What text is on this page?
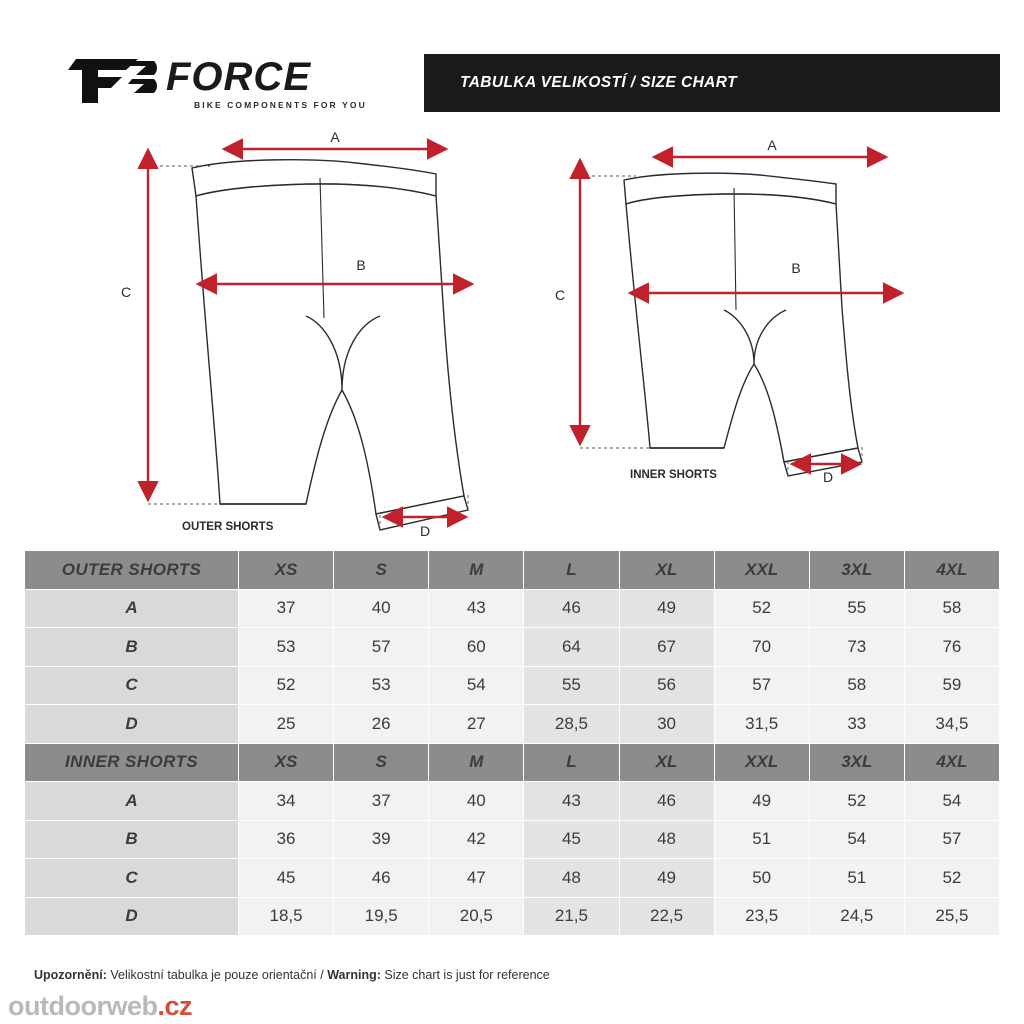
FORCE
BIKE COMPONENTS FOR YOU
TABULKA VELIKOSTÍ / SIZE CHART
A
B
C
D
OUTER SHORTS
A
B
C
D
INNER SHORTS
OUTER SHORTS	XS	S	M	L	XL	XXL	3XL	4XL
A	37	40	43	46	49	52	55	58
B	53	57	60	64	67	70	73	76
C	52	53	54	55	56	57	58	59
D	25	26	27	28,5	30	31,5	33	34,5
INNER SHORTS	XS	S	M	L	XL	XXL	3XL	4XL
A	34	37	40	43	46	49	52	54
B	36	39	42	45	48	51	54	57
C	45	46	47	48	49	50	51	52
D	18,5	19,5	20,5	21,5	22,5	23,5	24,5	25,5
Upozornění: Velikostní tabulka je pouze orientační / Warning: Size chart is just for reference
outdoorweb.cz
